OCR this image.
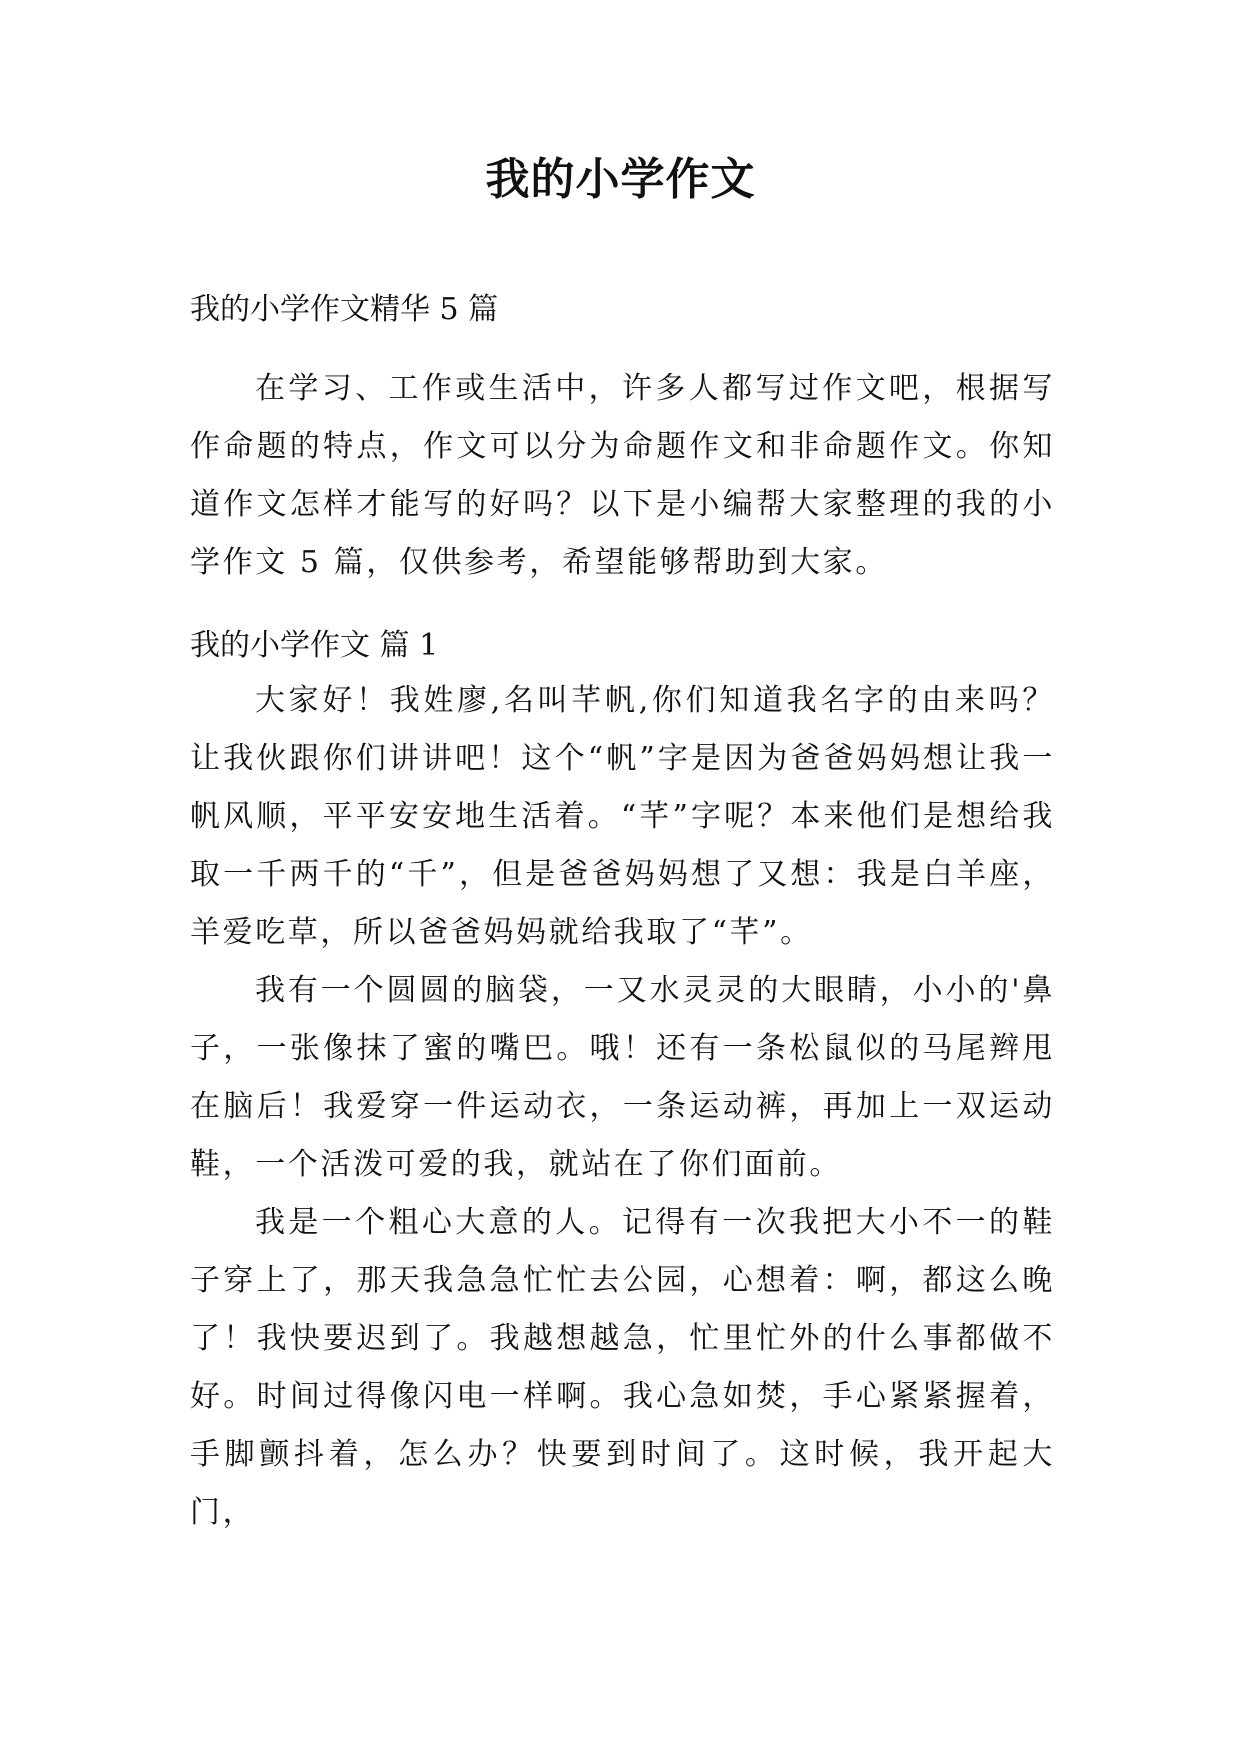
我的小学作文

我的小学作文精华 5 篇

在学习、工作或生活中，许多人都写过作文吧，根据写作命题的特点，作文可以分为命题作文和非命题作文。你知道作文怎样才能写的好吗？以下是小编帮大家整理的我的小学作文 5 篇，仅供参考，希望能够帮助到大家。

我的小学作文 篇 1

大家好！我姓廖,名叫芊帆,你们知道我名字的由来吗？让我伙跟你们讲讲吧！这个“帆”字是因为爸爸妈妈想让我一帆风顺，平平安安地生活着。“芊”字呢？本来他们是想给我取一千两千的“千”，但是爸爸妈妈想了又想：我是白羊座，羊爱吃草，所以爸爸妈妈就给我取了“芊”。

我有一个圆圆的脑袋，一又水灵灵的大眼睛，小小的'鼻子，一张像抹了蜜的嘴巴。哦！还有一条松鼠似的马尾辫甩在脑后！我爱穿一件运动衣，一条运动裤，再加上一双运动鞋，一个活泼可爱的我，就站在了你们面前。

我是一个粗心大意的人。记得有一次我把大小不一的鞋子穿上了，那天我急急忙忙去公园，心想着：啊，都这么晚了！我快要迟到了。我越想越急，忙里忙外的什么事都做不好。时间过得像闪电一样啊。我心急如焚，手心紧紧握着，手脚颤抖着，怎么办？快要到时间了。这时候，我开起大门，
